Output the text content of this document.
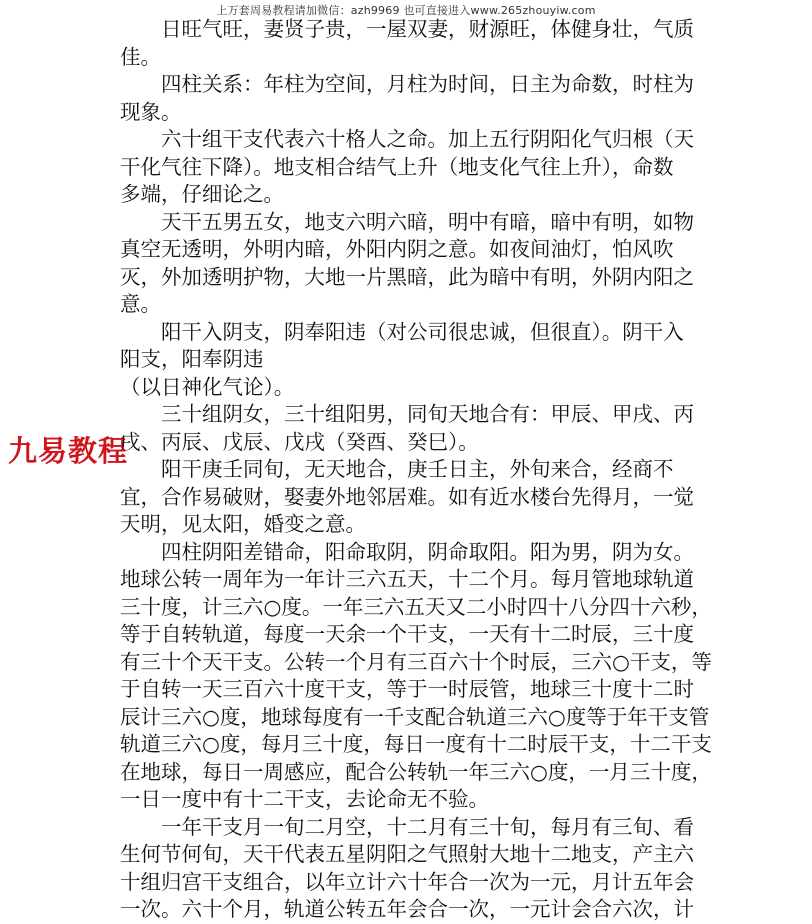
上万套周易教程请加微信：azh9969 也可直接进入www.265zhouyiw.com
九易教程
　　日旺气旺，妻贤子贵，一屋双妻，财源旺，体健身壮，气质
佳。
　　四柱关系：年柱为空间，月柱为时间，日主为命数，时柱为
现象。
　　六十组干支代表六十格人之命。加上五行阴阳化气归根（天
干化气往下降）。地支相合结气上升（地支化气往上升），命数
多端，仔细论之。
　　天干五男五女，地支六明六暗，明中有暗，暗中有明，如物
真空无透明，外明内暗，外阳内阴之意。如夜间油灯，怕风吹
灭，外加透明护物，大地一片黑暗，此为暗中有明，外阴内阳之
意。
　　阳干入阴支，阴奉阳违（对公司很忠诚，但很直）。阴干入
阳支，阳奉阴违
（以日神化气论）。
　　三十组阴女，三十组阳男，同旬天地合有：甲辰、甲戌、丙
戌、丙辰、戊辰、戊戌（癸酉、癸巳）。
　　阳干庚壬同旬，无天地合，庚壬日主，外旬来合，经商不
宜，合作易破财，娶妻外地邻居难。如有近水楼台先得月，一觉
天明，见太阳，婚变之意。
　　四柱阴阳差错命，阳命取阴，阴命取阳。阳为男，阴为女。
地球公转一周年为一年计三六五天，十二个月。每月管地球轨道
三十度，计三六○度。一年三六五天又二小时四十八分四十六秒，
等于自转轨道，每度一天余一个干支，一天有十二时辰，三十度
有三十个天干支。公转一个月有三百六十个时辰，三六○干支，等
于自转一天三百六十度干支，等于一时辰管，地球三十度十二时
辰计三六○度，地球每度有一千支配合轨道三六○度等于年干支管
轨道三六○度，每月三十度，每日一度有十二时辰干支，十二干支
在地球，每日一周感应，配合公转轨一年三六○度，一月三十度，
一日一度中有十二干支，去论命无不验。
　　一年干支月一旬二月空，十二月有三十旬，每月有三旬、看
生何节何旬，天干代表五星阴阳之气照射大地十二地支，产主六
十组归宫干支组合，以年立计六十年合一次为一元，月计五年会
一次。六十个月，轨道公转五年会合一次，一元计会合六次，计
